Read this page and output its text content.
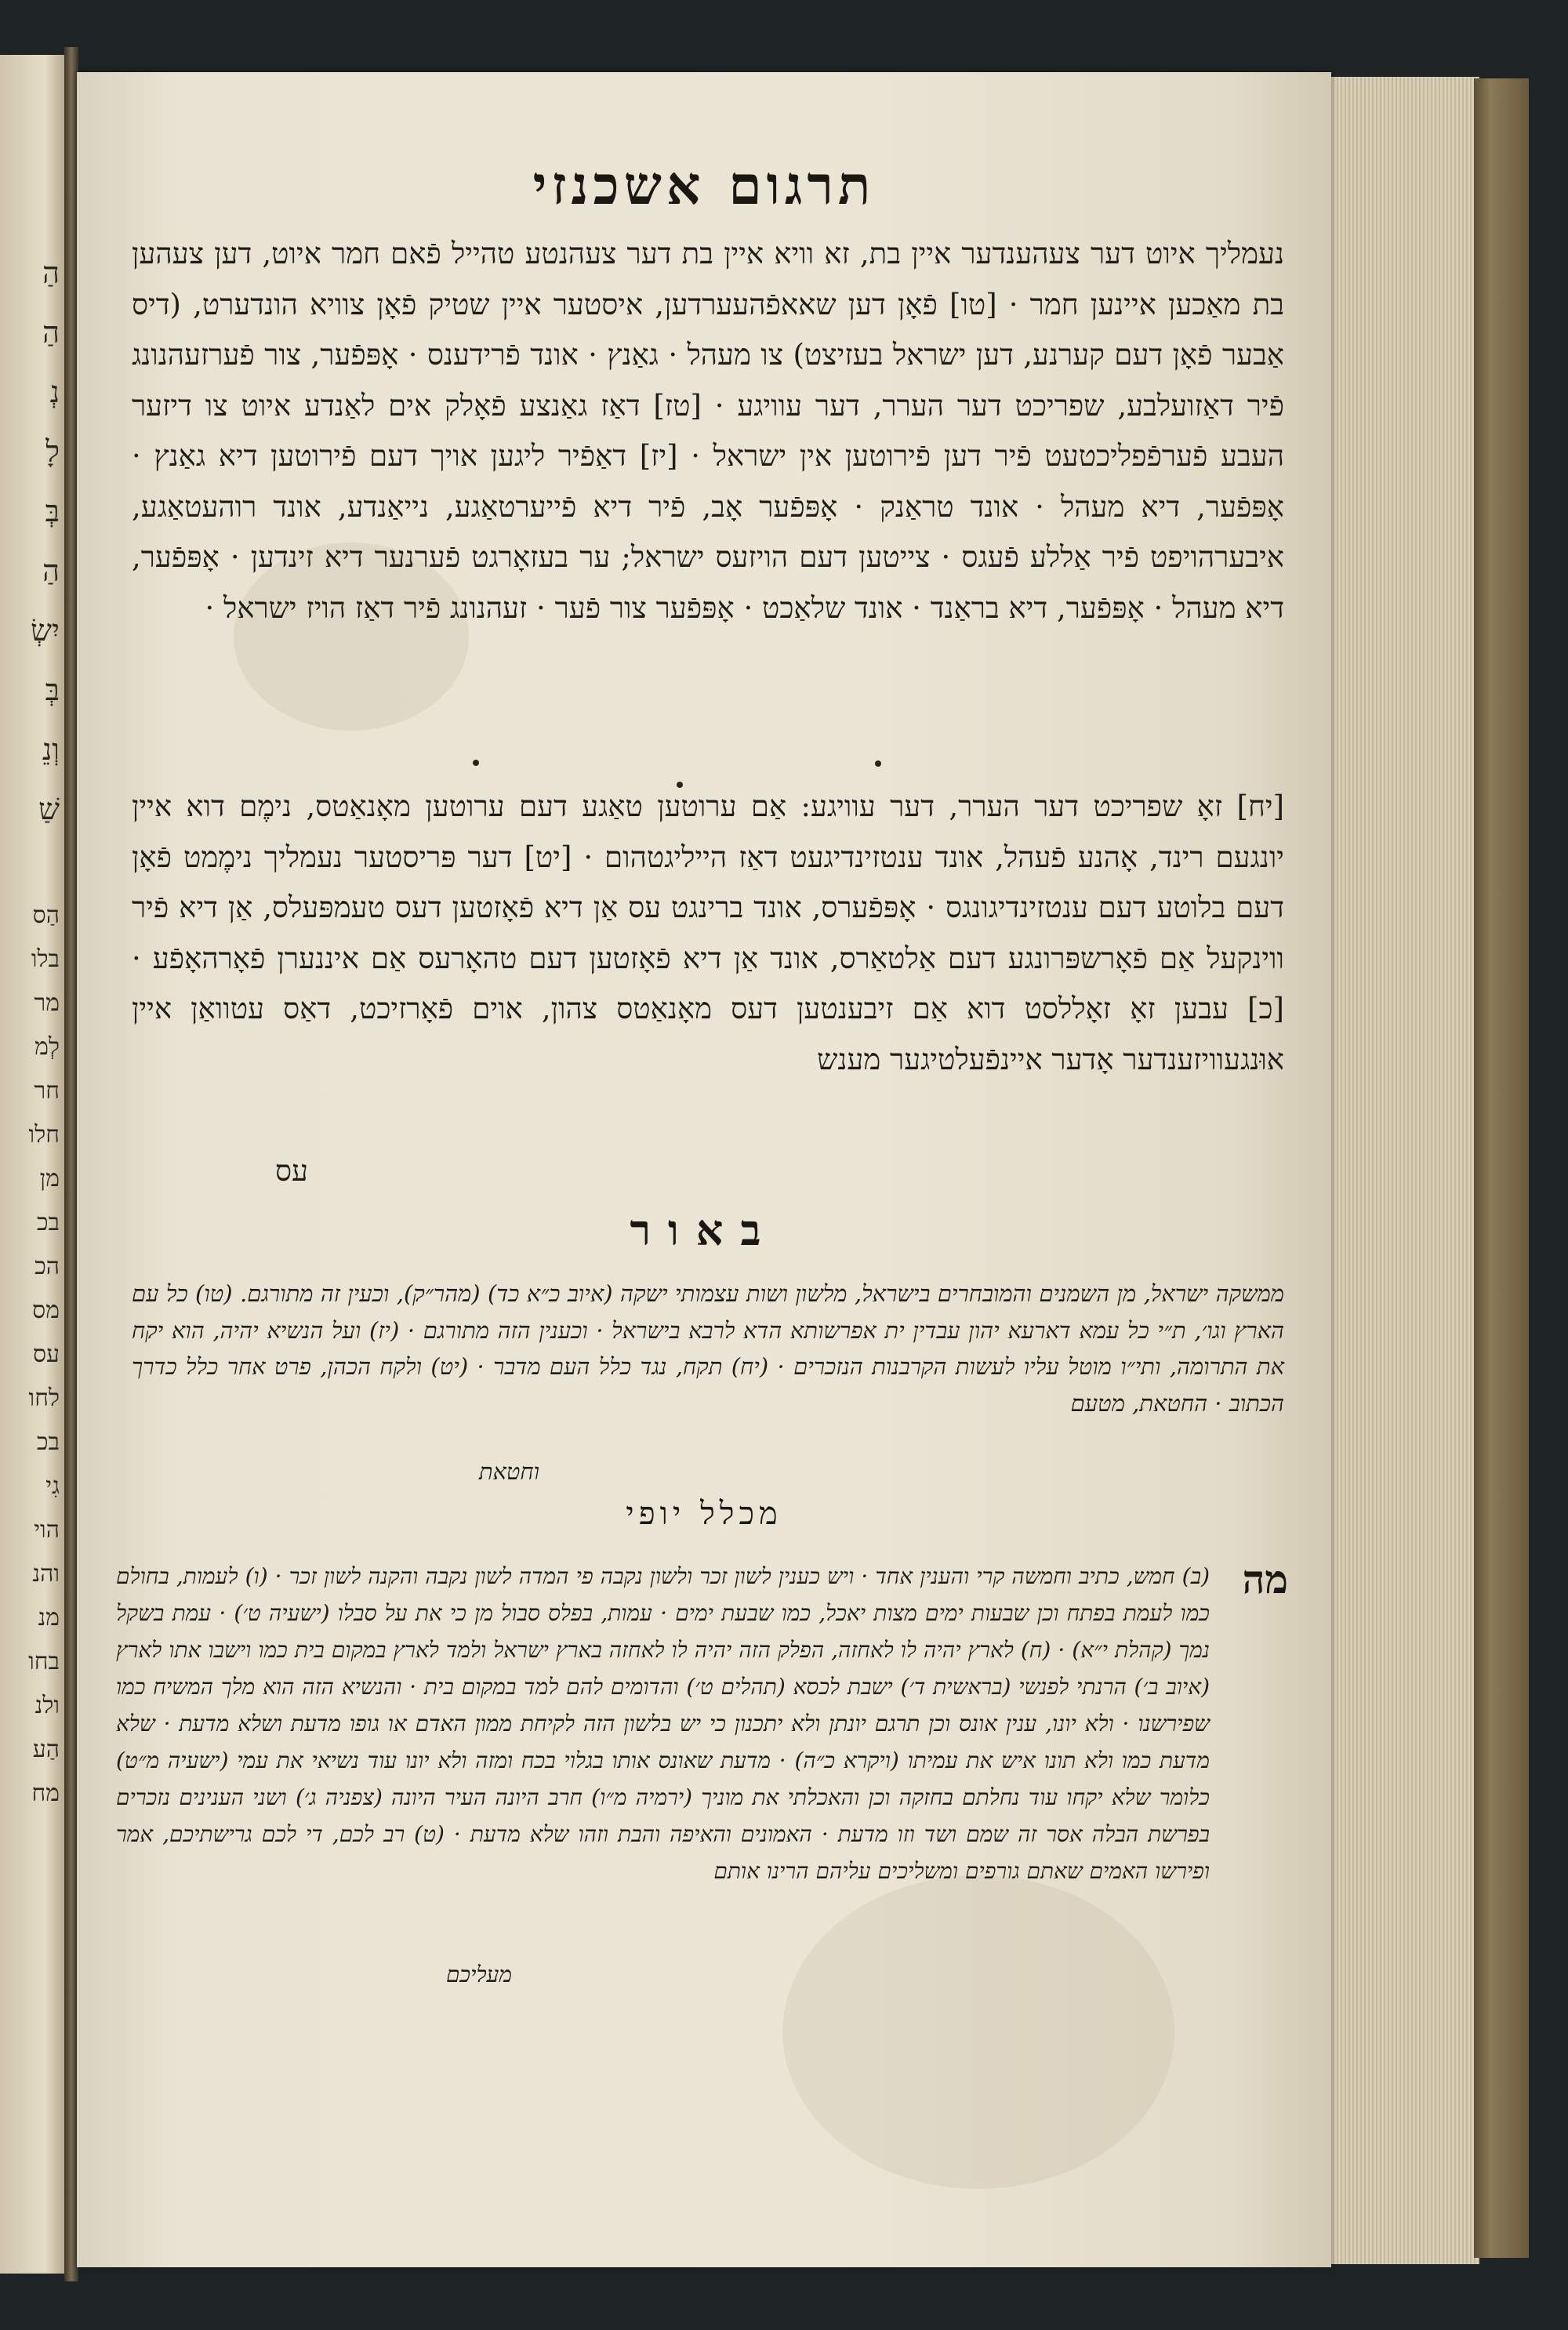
הַ
הַ
נְ
לָ
בְּ
הַ
יִשְׂ
בְּ
וְנֵ
שַׁ
הַס
בלו
מר
לְמ
חר
חלו
מן
בכ
הכ
מס
עס
לחו
בכ
גִי
הוי
והנ
מנ
בחו
ולנ
הַע
מח
תרגום אשכנזי
נעמליך איוט דער צעהענדער איין בת, זא וויא איין בת דער צעהנטע טהייל פֿאם חמר איוט, דען צעהען בת מאַכען איינען חמר · [טו] פֿאָן דען שאאפֿהעערדען, איסטער איין שטיק פֿאָן צוויא הונדערט, (דיס אַבער פֿאָן דעם קערנע, דען ישראל בעזיצט) צו מעהל · גאַנץ · אונד פֿרידענס · אָפּפֿער, צור פֿערזעהנונג פֿיר דאַזועלבע, שפריכט דער הערר, דער עוויגע · [טז] דאַז גאַנצע פֿאָלק אים לאַנדע איוט צו דיזער העבע פֿערפֿפליכטעט פֿיר דען פֿירוטען אין ישראל · [יז] דאַפֿיר ליגען אויך דעם פֿירוטען דיא גאַנץ · אָפּפֿער, דיא מעהל · אונד טראַנק · אָפּפֿער אָב, פֿיר דיא פֿייערטאַגע, נייאַנדע, אונד רוהעטאַגע, איבערהויפט פֿיר אַללע פֿעגס · צייטען דעם הויזעס ישראל; ער בעזאָרגט פֿערנער דיא זינדען · אָפּפֿער, דיא מעהל · אָפּפֿער, דיא בראַנד · אונד שלאַכט · אָפּפֿער צור פֿער · זעהנונג פֿיר דאַז הויז ישראל ·
[יח] זאָ שפריכט דער הערר, דער עוויגע: אַם ערוטען טאַגע דעם ערוטען מאָנאַטס, נימֶם דוא איין יונגעם רינד, אָהנע פֿעהל, אונד ענטזינדיגעט דאַז הייליגטהום · [יט] דער פּריסטער נעמליך נימֶמט פֿאָן דעם בלוטע דעם ענטזינדיגונגס · אָפּפֿערס, אונד ברינגט עס אַן דיא פֿאָזטען דעס טעמפּעלס, אַן דיא פֿיר ווינקעל אַם פֿאָרשפּרונגע דעם אַלטאַרס, אונד אַן דיא פֿאָזטען דעם טהאָרעס אַם איננערן פֿאָרהאָפֿע · [כ] עבען זאָ זאָללסט דוא אַם זיבענטען דעס מאָנאַטס צהון, אוים פֿאָרזיכט, דאַס עטוואַן איין אוּנגעוויזענדער אָדער איינפֿעלטיגער מענש
עס
באור
ממשקה ישראל, מן השמנים והמובחרים בישראל, מלשון ושות עצמותי ישקה (איוב כ״א כד) (מהר״ק), וכעין זה מתורגם. (טו) כל עם הארץ וגו׳, ת״י כל עמא דארעא יהון עבדין ית אפרשותא הדא לרבא בישראל · וכענין הזה מתורגם · (יז) ועל הנשיא יהיה, הוא יקח את התרומה, ותי״ו מוטל עליו לעשות הקרבנות הנזכרים · (יח) תקח, נגד כלל העם מדבר · (יט) ולקח הכהן, פרט אחר כלל כדרך הכתוב · החטאת, מטעם
וחטאת
מכלל יופי
מה
(ב) חמש, כתיב וחמשה קרי והענין אחד · ויש כענין לשון זכר ולשון נקבה פי המדה לשון נקבה והקנה לשון זכר · (ו) לעמות, בחולם כמו לעמת בפתח וכן שבעות ימים מצות יאכל, כמו שבעת ימים · עמות, בפלס סבול מן כי את על סבלו (ישעיה ט׳) · עמת בשקל נמך (קהלת י״א) · (ח) לארץ יהיה לו לאחזה, הפלק הזה יהיה לו לאחזה בארץ ישראל ולמד לארץ במקום בית כמו וישבו אתו לארץ (איוב ב׳) הרנתי לפנשי (בראשית ד׳) ישבת לכסא (תהלים ט׳) והדומים להם למד במקום בית · והנשיא הזה הוא מלך המשיח כמו שפירשנו · ולא יונו, ענין אונס וכן תרגם יונתן ולא יתכנון כי יש בלשון הזה לקיחת ממון האדם או גופו מדעת ושלא מדעת · שלא מדעת כמו ולא תונו איש את עמיתו (ויקרא כ״ה) · מדעת שאונס אותו בגלוי בכח ומזה ולא יונו עוד נשיאי את עמי (ישעיה מ״ט) כלומר שלא יקחו עוד נחלתם בחזקה וכן והאכלתי את מוניך (ירמיה מ״ו) חרב היונה העיר היונה (צפניה ג׳) ושני הענינים נזכרים בפרשת הבלה אסר זה שמם ושד וזו מדעת · האמונים והאיפה והבת וזהו שלא מדעת · (ט) רב לכם, די לכם גרישתיכם, אמר ופירשו האמים שאתם גורפים ומשליכים עליהם הרינו אותם
מעליכם
